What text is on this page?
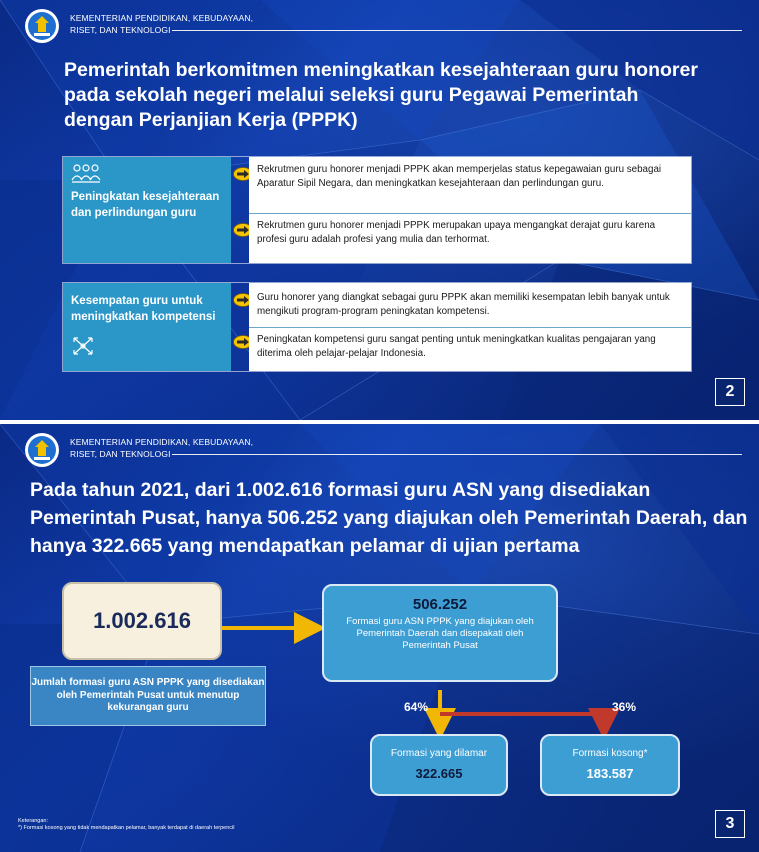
KEMENTERIAN PENDIDIKAN, KEBUDAYAAN,
RISET, DAN TEKNOLOGI
Pemerintah berkomitmen meningkatkan kesejahteraan guru honorer pada sekolah negeri melalui seleksi guru Pegawai Pemerintah dengan Perjanjian Kerja (PPPK)
Peningkatan kesejahteraan dan perlindungan guru
Rekrutmen guru honorer menjadi PPPK akan memperjelas status kepegawaian guru sebagai Aparatur Sipil Negara, dan meningkatkan kesejahteraan dan perlindungan guru.
Rekrutmen guru honorer menjadi PPPK merupakan upaya mengangkat derajat guru karena profesi guru adalah profesi yang mulia dan terhormat.
Kesempatan guru untuk meningkatkan kompetensi
Guru honorer yang diangkat sebagai guru PPPK akan memiliki kesempatan lebih banyak untuk mengikuti program-program peningkatan kompetensi.
Peningkatan kompetensi guru sangat penting untuk meningkatkan kualitas pengajaran yang diterima oleh pelajar-pelajar Indonesia.
2
KEMENTERIAN PENDIDIKAN, KEBUDAYAAN,
RISET, DAN TEKNOLOGI
Pada tahun 2021, dari 1.002.616 formasi guru ASN yang disediakan Pemerintah Pusat, hanya 506.252 yang diajukan oleh Pemerintah Daerah, dan hanya 322.665 yang mendapatkan pelamar di ujian pertama
1.002.616
Jumlah formasi guru ASN PPPK yang disediakan oleh Pemerintah Pusat untuk menutup kekurangan guru
506.252
Formasi guru ASN PPPK yang diajukan oleh Pemerintah Daerah dan disepakati oleh Pemerintah Pusat
64%	36%
Formasi yang dilamar
322.665
Formasi kosong*
183.587
Keterangan:
*) Formasi kosong yang tidak mendapatkan pelamar, banyak terdapat di daerah terpencil	3
